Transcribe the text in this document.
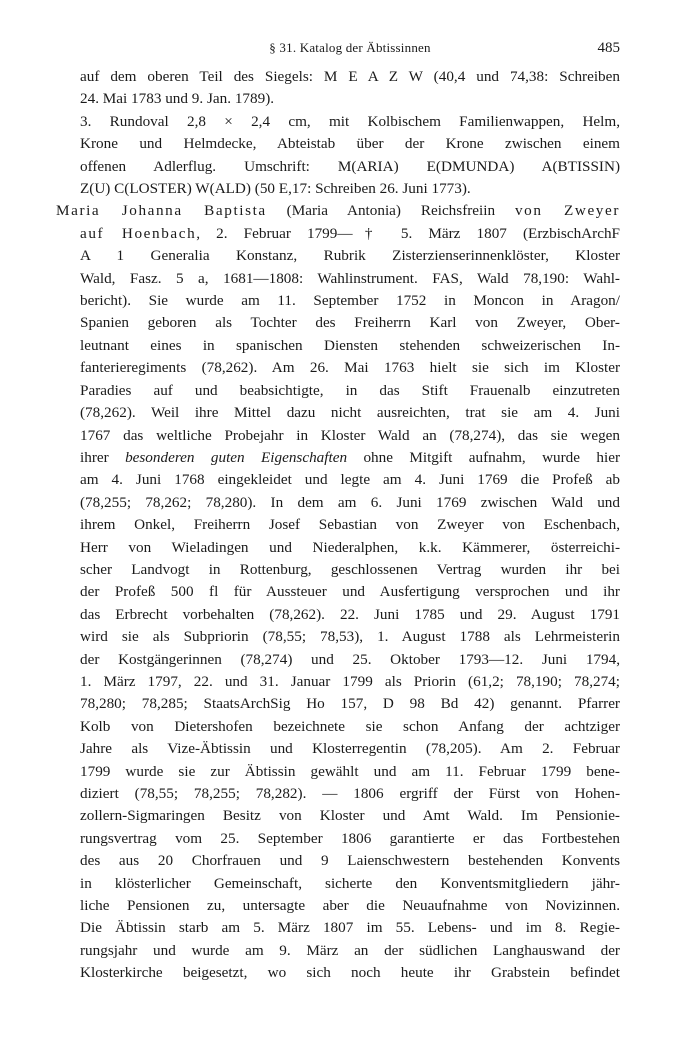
§ 31. Katalog der Äbtissinnen	485
auf dem oberen Teil des Siegels: M E A Z W (40,4 und 74,38: Schreiben
24. Mai 1783 und 9. Jan. 1789).
3. Rundoval 2,8 × 2,4 cm, mit Kolbischem Familienwappen, Helm,
Krone und Helmdecke, Abteistab über der Krone zwischen einem
offenen Adlerflug. Umschrift: M(ARIA) E(DMUNDA) A(BTISSIN)
Z(U) C(LOSTER) W(ALD) (50 E,17: Schreiben 26. Juni 1773).
Maria Johanna Baptista (Maria Antonia) Reichsfreiin von Zweyer
auf Hoenbach, 2. Februar 1799—† 5. März 1807 (ErzbischArchF
A 1 Generalia Konstanz, Rubrik Zisterzienserinnenklöster, Kloster
Wald, Fasz. 5 a, 1681—1808: Wahlinstrument. FAS, Wald 78,190: Wahl-
bericht). Sie wurde am 11. September 1752 in Moncon in Aragon/
Spanien geboren als Tochter des Freiherrn Karl von Zweyer, Ober-
leutnant eines in spanischen Diensten stehenden schweizerischen In-
fanterieregiments (78,262). Am 26. Mai 1763 hielt sie sich im Kloster
Paradies auf und beabsichtigte, in das Stift Frauenalb einzutreten
(78,262). Weil ihre Mittel dazu nicht ausreichten, trat sie am 4. Juni
1767 das weltliche Probejahr in Kloster Wald an (78,274), das sie wegen
ihrer besonderen guten Eigenschaften ohne Mitgift aufnahm, wurde hier
am 4. Juni 1768 eingekleidet und legte am 4. Juni 1769 die Profeß ab
(78,255; 78,262; 78,280). In dem am 6. Juni 1769 zwischen Wald und
ihrem Onkel, Freiherrn Josef Sebastian von Zweyer von Eschenbach,
Herr von Wieladingen und Niederalphen, k.k. Kämmerer, österreichi-
scher Landvogt in Rottenburg, geschlossenen Vertrag wurden ihr bei
der Profeß 500 fl für Aussteuer und Ausfertigung versprochen und ihr
das Erbrecht vorbehalten (78,262). 22. Juni 1785 und 29. August 1791
wird sie als Subpriorin (78,55; 78,53), 1. August 1788 als Lehrmeisterin
der Kostgängerinnen (78,274) und 25. Oktober 1793—12. Juni 1794,
1. März 1797, 22. und 31. Januar 1799 als Priorin (61,2; 78,190; 78,274;
78,280; 78,285; StaatsArchSig Ho 157, D 98 Bd 42) genannt. Pfarrer
Kolb von Dietershofen bezeichnete sie schon Anfang der achtziger
Jahre als Vize-Äbtissin und Klosterregentin (78,205). Am 2. Februar
1799 wurde sie zur Äbtissin gewählt und am 11. Februar 1799 bene-
diziert (78,55; 78,255; 78,282). — 1806 ergriff der Fürst von Hohen-
zollern-Sigmaringen Besitz von Kloster und Amt Wald. Im Pensionie-
rungsvertrag vom 25. September 1806 garantierte er das Fortbestehen
des aus 20 Chorfrauen und 9 Laienschwestern bestehenden Konvents
in klösterlicher Gemeinschaft, sicherte den Konventsmitgliedern jähr-
liche Pensionen zu, untersagte aber die Neuaufnahme von Novizinnen.
Die Äbtissin starb am 5. März 1807 im 55. Lebens- und im 8. Regie-
rungsjahr und wurde am 9. März an der südlichen Langhauswand der
Klosterkirche beigesetzt, wo sich noch heute ihr Grabstein befindet
